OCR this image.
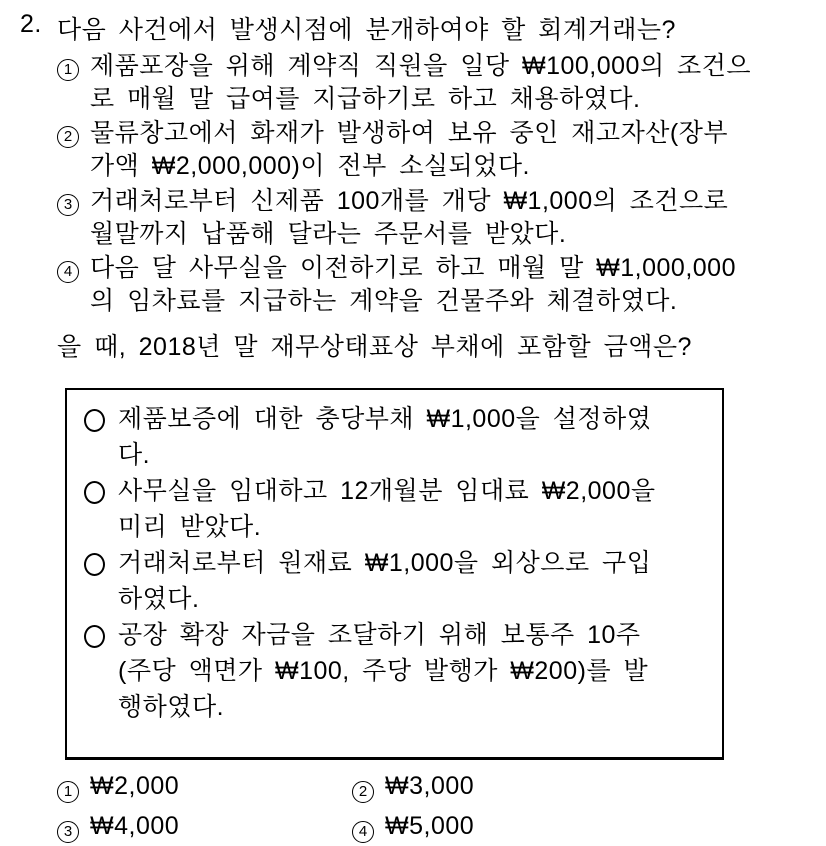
2. 다음 사건에서 발생시점에 분개하여야 할 회계거래는?
1 제품포장을 위해 계약직 직원을 일당 ₩100,000의 조건으
로 매월 말 급여를 지급하기로 하고 채용하였다.
2 물류창고에서 화재가 발생하여 보유 중인 재고자산(장부
가액 ₩2,000,000)이 전부 소실되었다.
3 거래처로부터 신제품 100개를 개당 ₩1,000의 조건으로
월말까지 납품해 달라는 주문서를 받았다.
4 다음 달 사무실을 이전하기로 하고 매월 말 ₩1,000,000
의 임차료를 지급하는 계약을 건물주와 체결하였다.
을 때, 2018년 말 재무상태표상 부채에 포함할 금액은?
제품보증에 대한 충당부채 ₩1,000을 설정하였
다.
사무실을 임대하고 12개월분 임대료 ₩2,000을
미리 받았다.
거래처로부터 원재료 ₩1,000을 외상으로 구입
하였다.
공장 확장 자금을 조달하기 위해 보통주 10주
(주당 액면가 ₩100, 주당 발행가 ₩200)를 발
행하였다.
1 ₩2,000	2 ₩3,000
3 ₩4,000	4 ₩5,000
